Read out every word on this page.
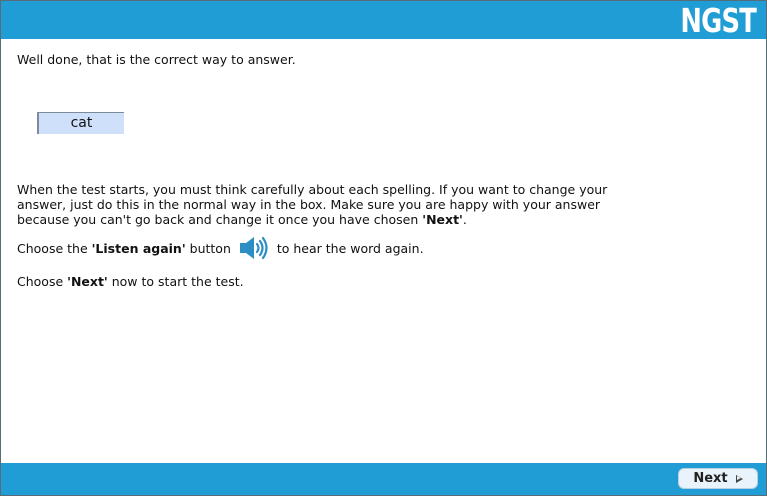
NGST
Well done, that is the correct way to answer.
cat
When the test starts, you must think carefully about each spelling. If you want to change your
answer, just do this in the normal way in the box. Make sure you are happy with your answer
because you can't go back and change it once you have chosen 'Next'.
Choose the 'Listen again' button	to hear the word again.
Choose 'Next' now to start the test.
Next
